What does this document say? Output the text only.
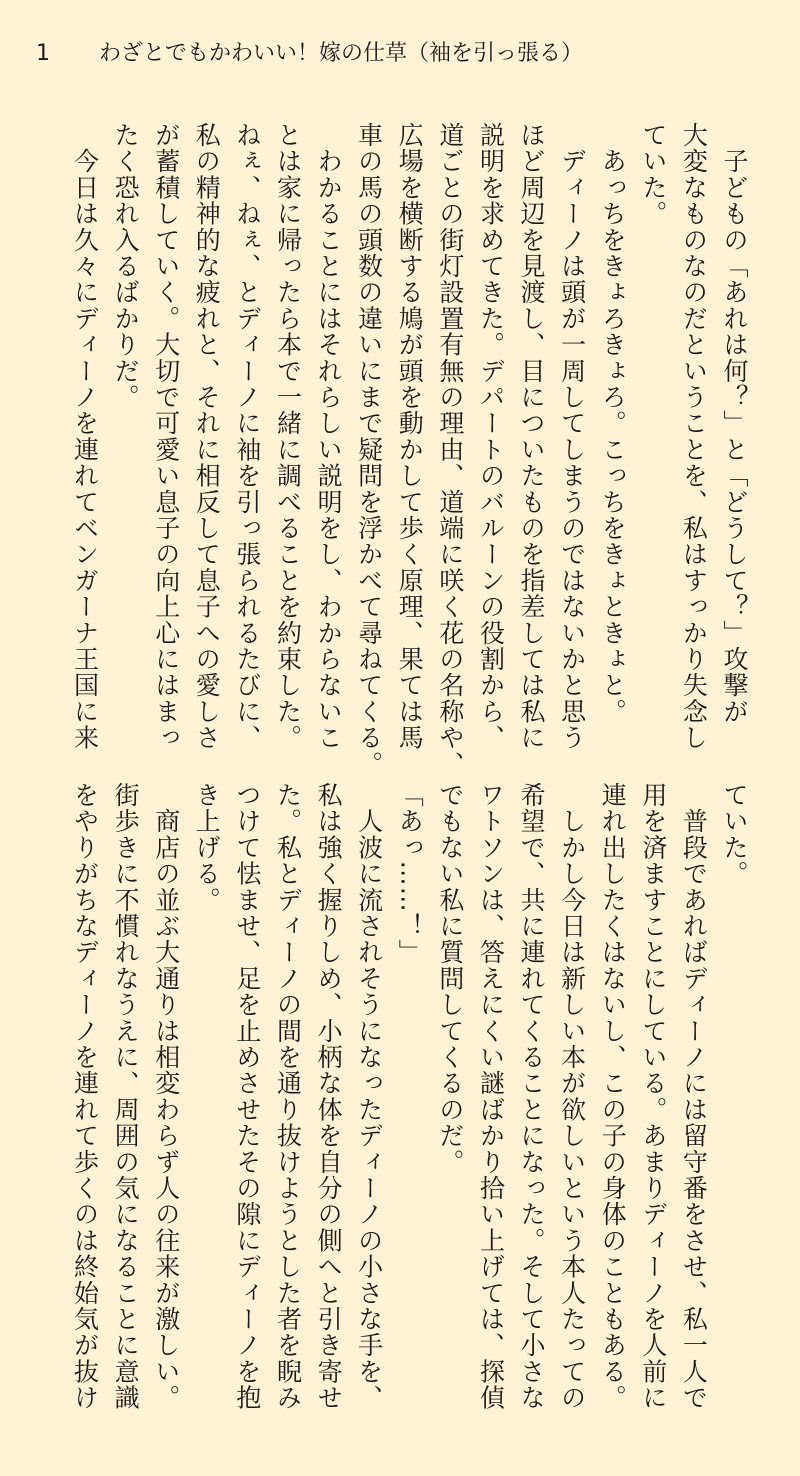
1 わざとでもかわいい！嫁の仕草（袖を引っ張る）

　子どもの「あれは何？」と「どうして？」攻撃が

大変なものなのだということを、私はすっかり失念し

ていた。

　あっちをきょろきょろ。こっちをきょときょと。

　ディーノは頭が一周してしまうのではないかと思う

ほど周辺を見渡し、目についたものを指差しては私に

説明を求めてきた。デパートのバルーンの役割から、

道ごとの街灯設置有無の理由、道端に咲く花の名称や、

広場を横断する鳩が頭を動かして歩く原理、果ては馬

車の馬の頭数の違いにまで疑問を浮かべて尋ねてくる。

　わかることにはそれらしい説明をし、わからないこ

とは家に帰ったら本で一緒に調べることを約束した。

ねぇ、ねぇ、とディーノに袖を引っ張られるたびに、

私の精神的な疲れと、それに相反して息子への愛しさ

が蓄積していく。大切で可愛い息子の向上心にはまっ

たく恐れ入るばかりだ。

　今日は久々にディーノを連れてベンガーナ王国に来

ていた。

　普段であればディーノには留守番をさせ、私一人で

用を済ますことにしている。あまりディーノを人前に

連れ出したくはないし、この子の身体のこともある。

　しかし今日は新しい本が欲しいという本人たっての

希望で、共に連れてくることになった。そして小さな

ワトソンは、答えにくい謎ばかり拾い上げては、探偵

でもない私に質問してくるのだ。

「あっ……！」

　人波に流されそうになったディーノの小さな手を、

私は強く握りしめ、小柄な体を自分の側へと引き寄せ

た。私とディーノの間を通り抜けようとした者を睨み

つけて怯ませ、足を止めさせたその隙にディーノを抱

き上げる。

　商店の並ぶ大通りは相変わらず人の往来が激しい。

街歩きに不慣れなうえに、周囲の気になることに意識

をやりがちなディーノを連れて歩くのは終始気が抜け
